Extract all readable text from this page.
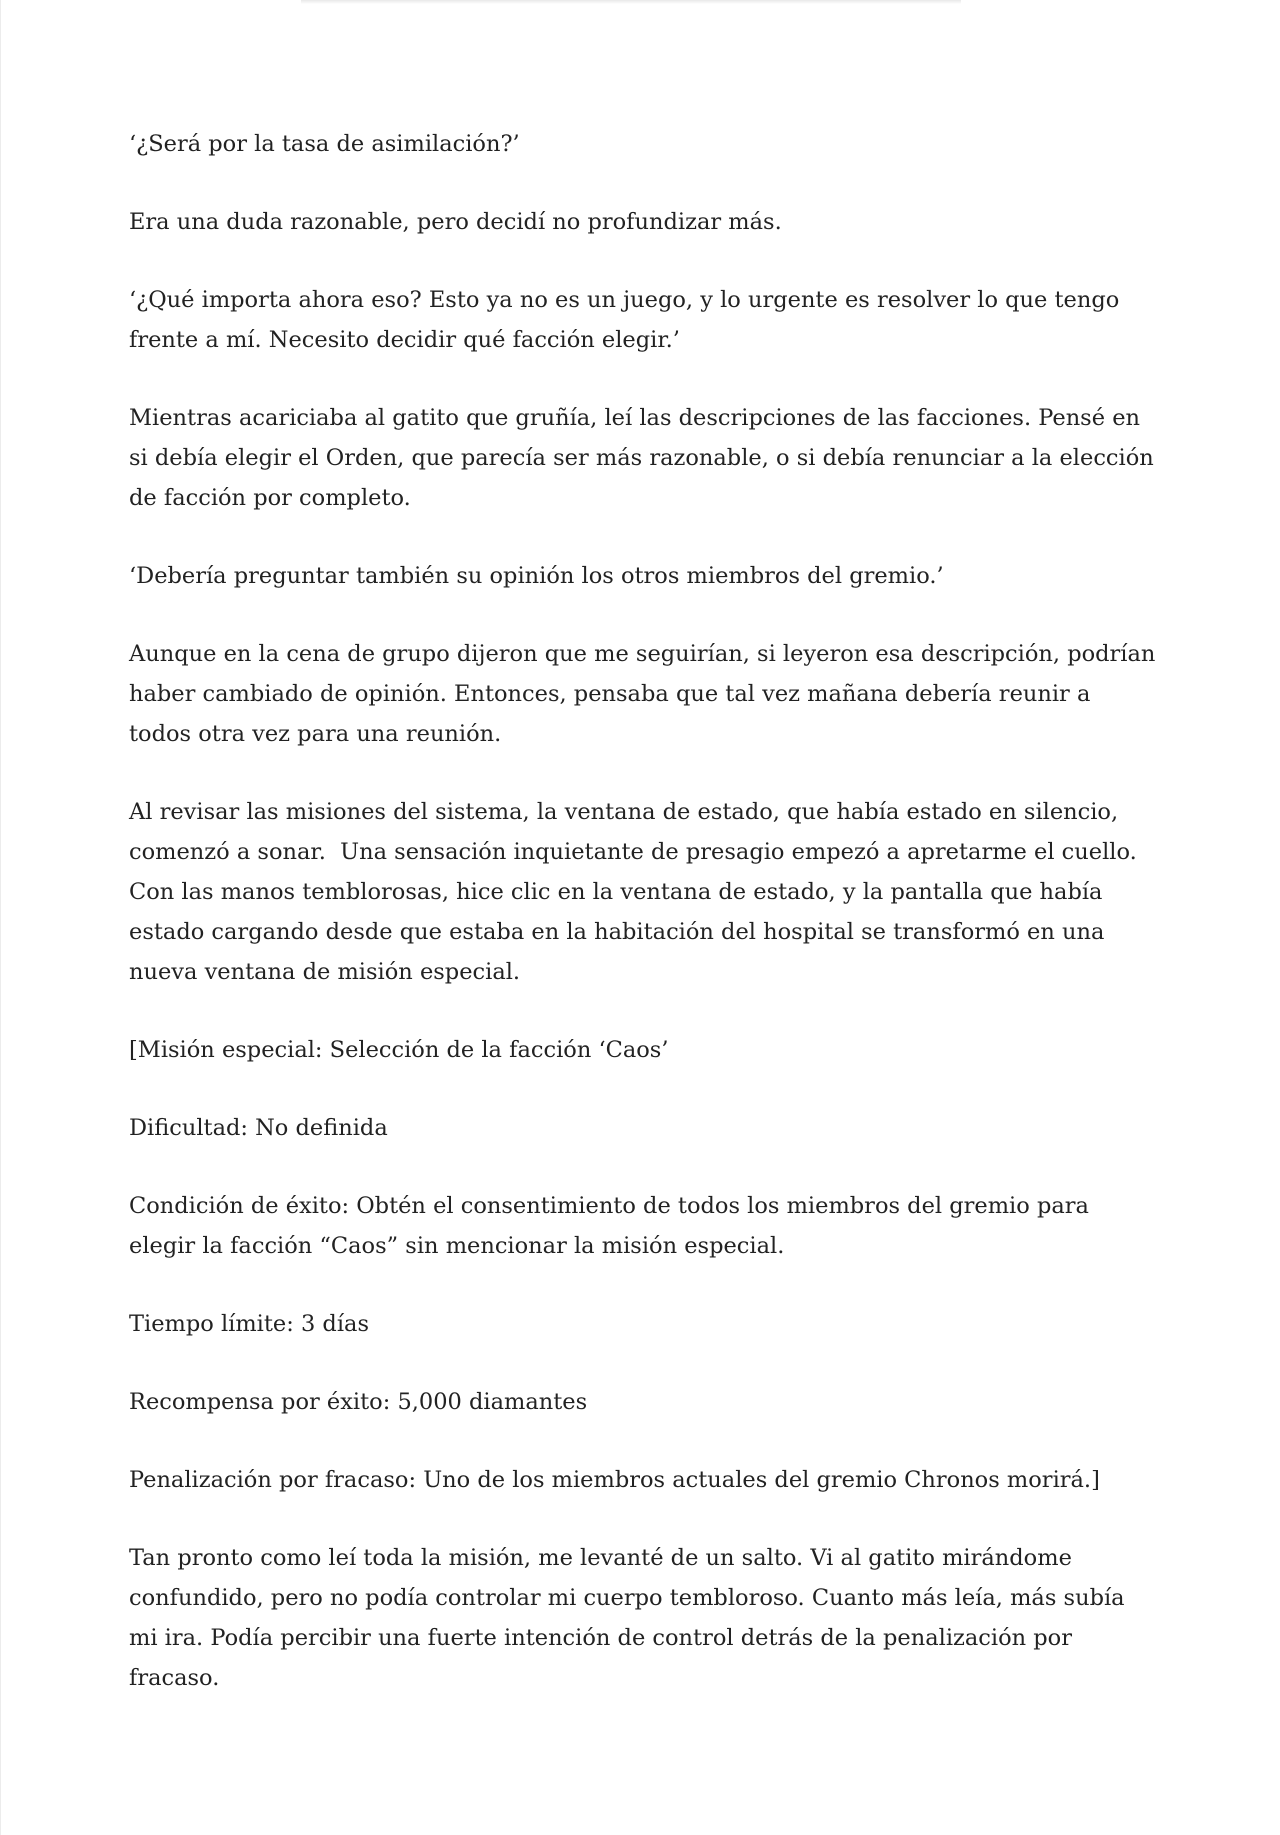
‘¿Será por la tasa de asimilación?’

Era una duda razonable, pero decidí no profundizar más.

‘¿Qué importa ahora eso? Esto ya no es un juego, y lo urgente es resolver lo que tengo frente a mí. Necesito decidir qué facción elegir.’

Mientras acariciaba al gatito que gruñía, leí las descripciones de las facciones. Pensé en si debía elegir el Orden, que parecía ser más razonable, o si debía renunciar a la elección de facción por completo.

‘Debería preguntar también su opinión los otros miembros del gremio.’

Aunque en la cena de grupo dijeron que me seguirían, si leyeron esa descripción, podrían haber cambiado de opinión. Entonces, pensaba que tal vez mañana debería reunir a todos otra vez para una reunión.

Al revisar las misiones del sistema, la ventana de estado, que había estado en silencio, comenzó a sonar.  Una sensación inquietante de presagio empezó a apretarme el cuello. Con las manos temblorosas, hice clic en la ventana de estado, y la pantalla que había estado cargando desde que estaba en la habitación del hospital se transformó en una nueva ventana de misión especial.

[Misión especial: Selección de la facción ‘Caos’

Dificultad: No definida

Condición de éxito: Obtén el consentimiento de todos los miembros del gremio para elegir la facción “Caos” sin mencionar la misión especial.

Tiempo límite: 3 días

Recompensa por éxito: 5,000 diamantes

Penalización por fracaso: Uno de los miembros actuales del gremio Chronos morirá.]

Tan pronto como leí toda la misión, me levanté de un salto. Vi al gatito mirándome confundido, pero no podía controlar mi cuerpo tembloroso. Cuanto más leía, más subía mi ira. Podía percibir una fuerte intención de control detrás de la penalización por fracaso.
